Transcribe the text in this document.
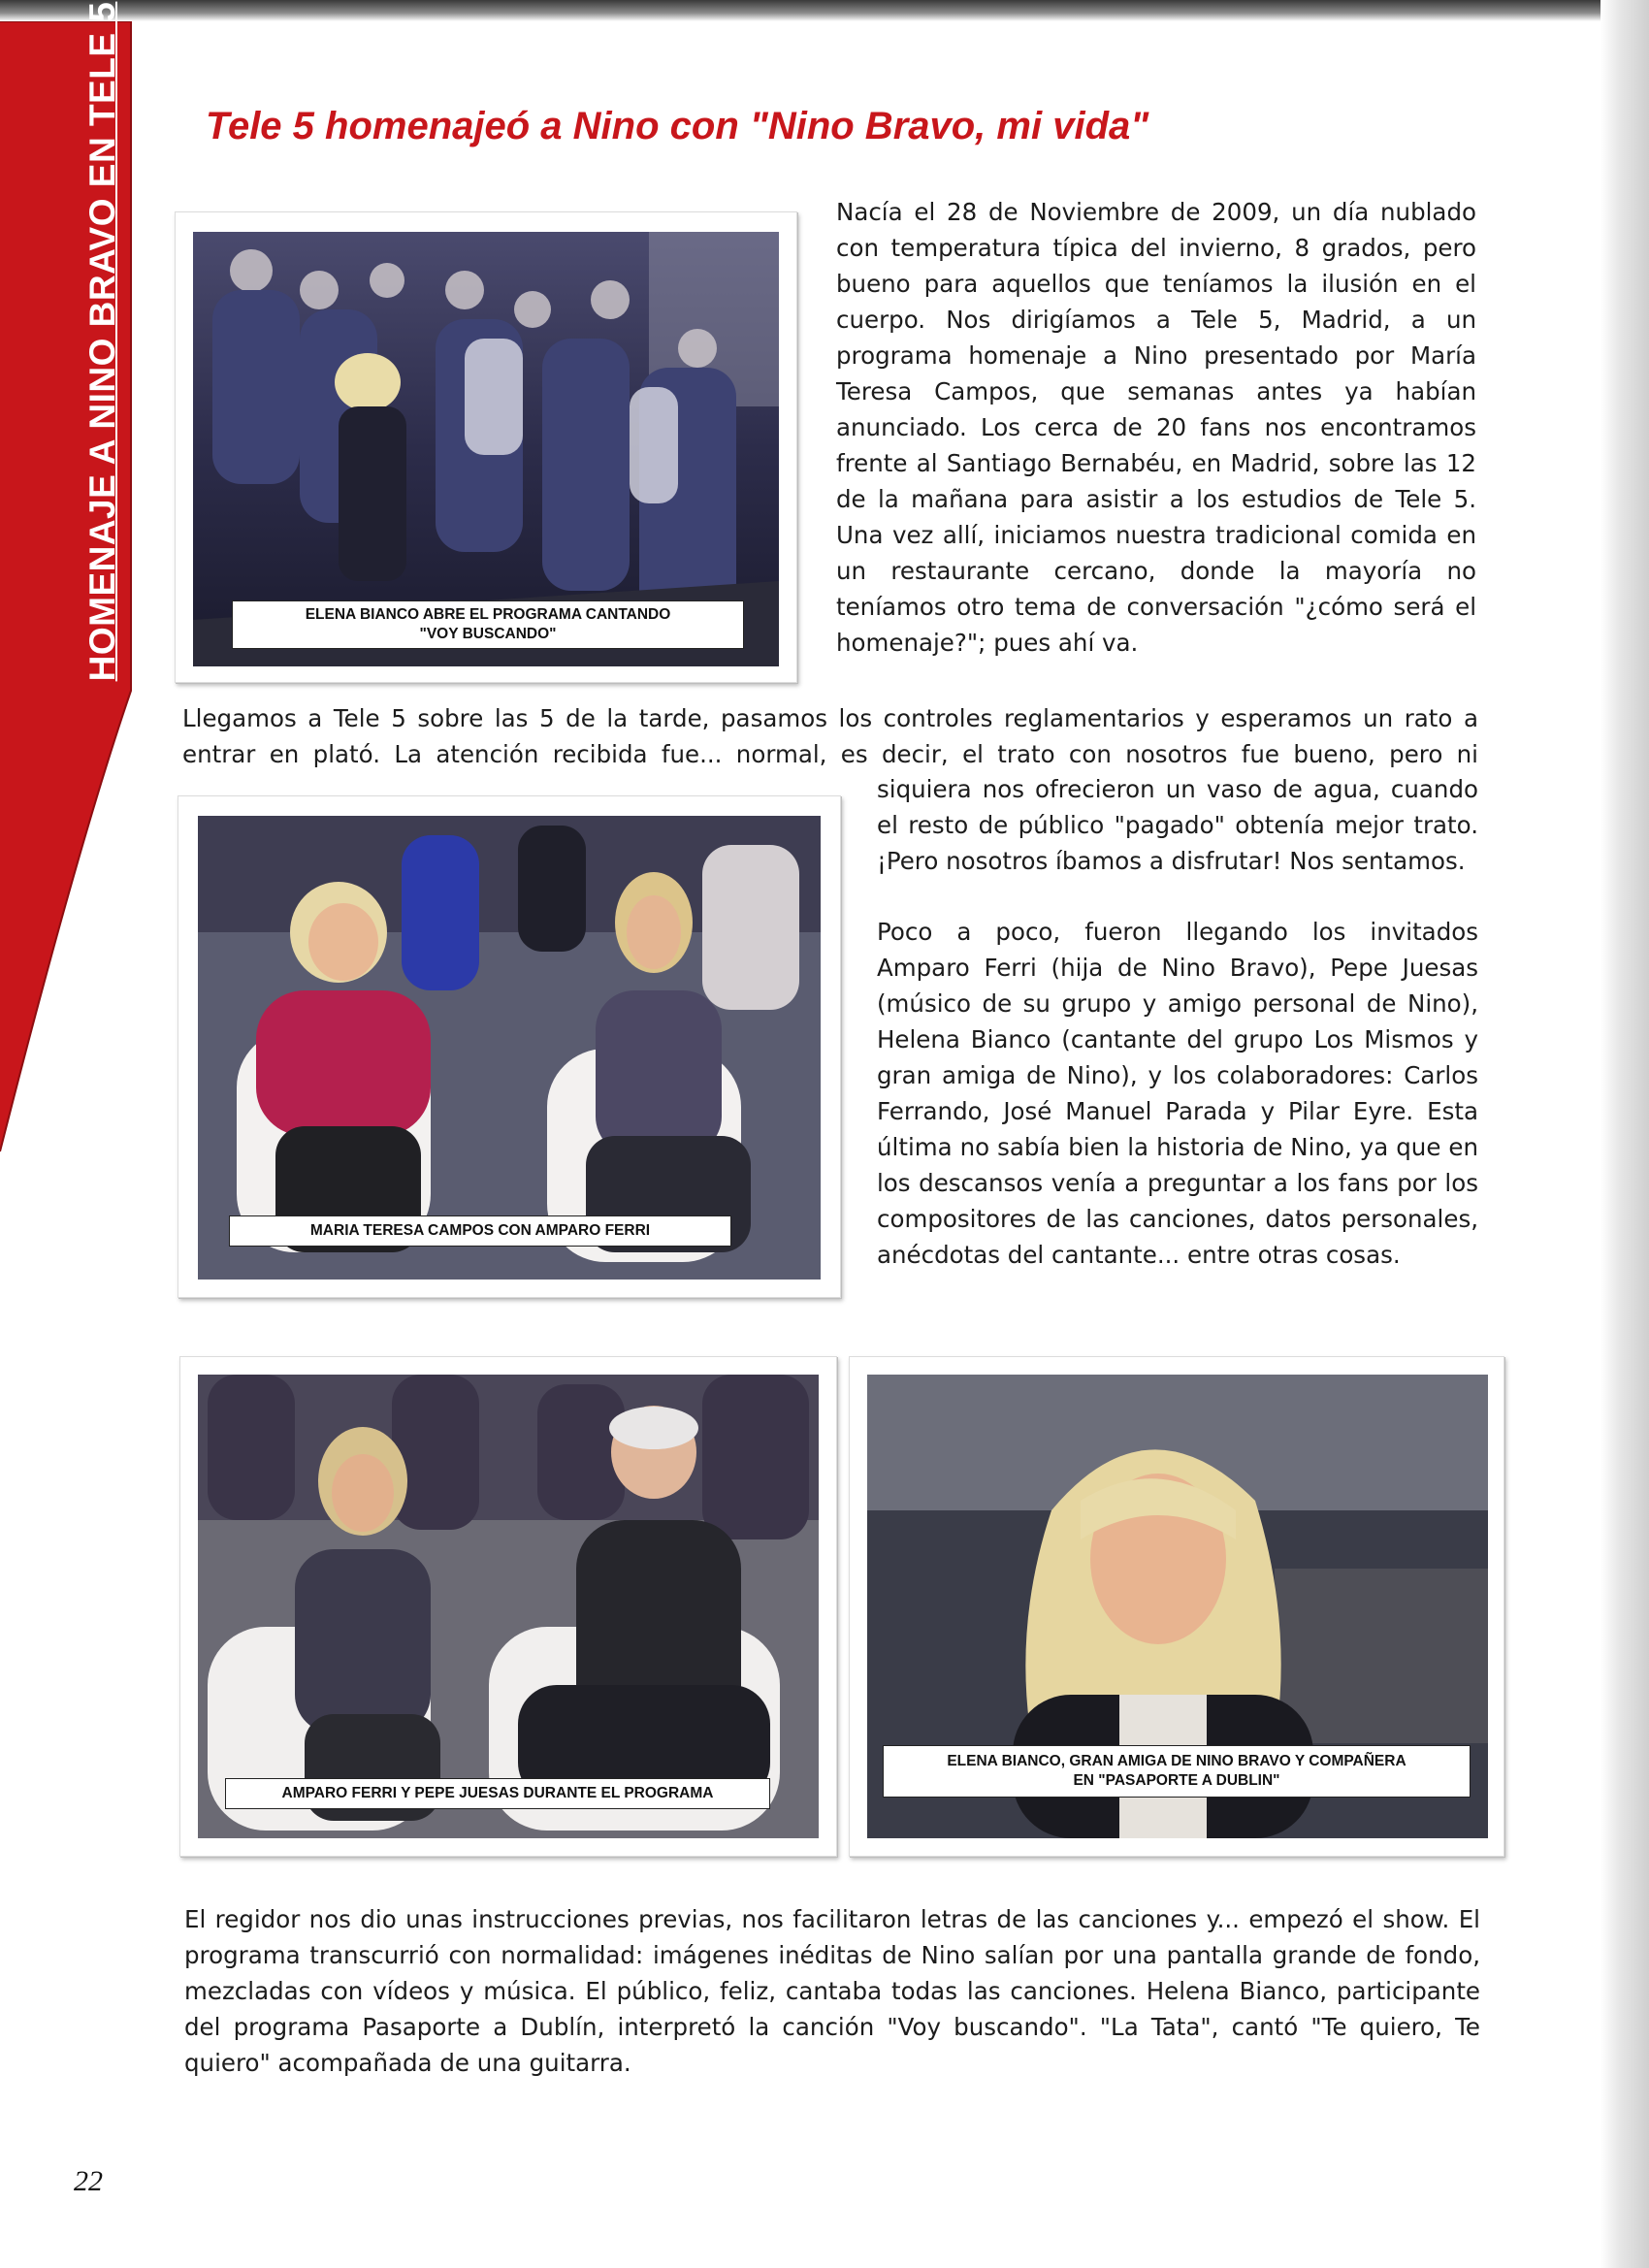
HOMENAJE A NINO BRAVO EN TELE 5 Tele 5 homenajeó a Nino con "Nino Bravo, mi vida"
ELENA BIANCO ABRE EL PROGRAMA CANTANDO
"VOY BUSCANDO"

Nacía el 28 de Noviembre de 2009, un día nublado con temperatura típica del invierno, 8 grados, pero bueno para aquellos que teníamos la ilusión en el cuerpo. Nos dirigíamos a Tele 5, Madrid, a un programa homenaje a Nino presentado por María Teresa Campos, que semanas antes ya habían anunciado. Los cerca de 20 fans nos encontramos frente al Santiago Bernabéu, en Madrid, sobre las 12 de la mañana para asistir a los estudios de Tele 5. Una vez allí, iniciamos nuestra tradicional comida en un restaurante cercano, donde la mayoría no teníamos otro tema de conversación "¿cómo será el homenaje?"; pues ahí va.

Llegamos a Tele 5 sobre las 5 de la tarde, pasamos los controles reglamentarios y esperamos un rato a entrar en plató. La atención recibida fue... normal, es decir, el trato con nosotros fue bueno, pero ni

MARIA TERESA CAMPOS CON AMPARO FERRI

siquiera nos ofrecieron un vaso de agua, cuando el resto de público "pagado" obtenía mejor trato. ¡Pero nosotros íbamos a disfrutar! Nos sentamos.

Poco a poco, fueron llegando los invitados Amparo Ferri (hija de Nino Bravo), Pepe Juesas (músico de su grupo y amigo personal de Nino), Helena Bianco (cantante del grupo Los Mismos y gran amiga de Nino), y los colaboradores: Carlos Ferrando, José Manuel Parada y Pilar Eyre. Esta última no sabía bien la historia de Nino, ya que en los descansos venía a preguntar a los fans por los compositores de las canciones, datos personales, anécdotas del cantante... entre otras cosas.

AMPARO FERRI Y PEPE JUESAS DURANTE EL PROGRAMA
ELENA BIANCO, GRAN AMIGA DE NINO BRAVO Y COMPAÑERA
EN "PASAPORTE A DUBLIN"

El regidor nos dio unas instrucciones previas, nos facilitaron letras de las canciones y... empezó el show. El programa transcurrió con normalidad: imágenes inéditas de Nino salían por una pantalla grande de fondo, mezcladas con vídeos y música. El público, feliz, cantaba todas las canciones. Helena Bianco, participante del programa Pasaporte a Dublín, interpretó la canción "Voy buscando". "La Tata", cantó "Te quiero, Te quiero" acompañada de una guitarra.

22
